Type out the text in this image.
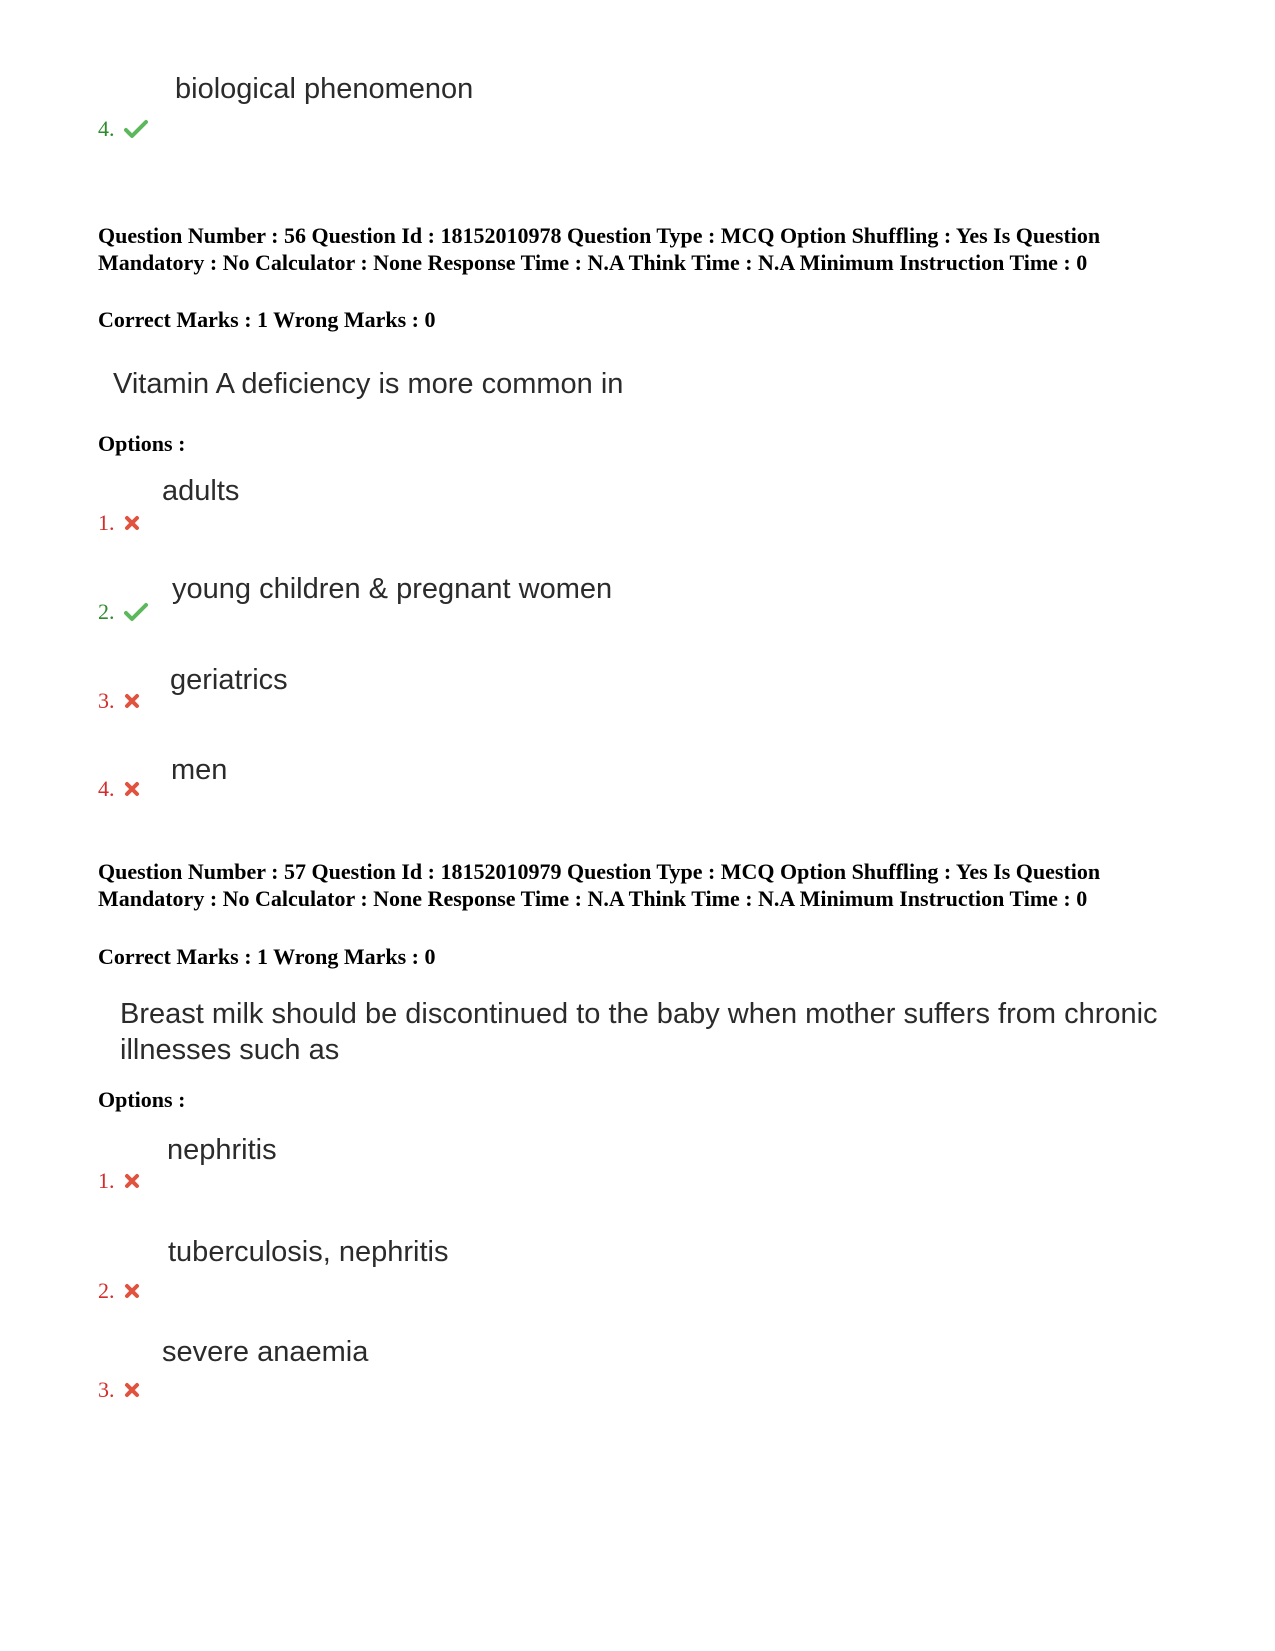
biological phenomenon
4.
Question Number : 56 Question Id : 18152010978 Question Type : MCQ Option Shuffling : Yes Is Question Mandatory : No Calculator : None Response Time : N.A Think Time : N.A Minimum Instruction Time : 0
Correct Marks : 1 Wrong Marks : 0
Vitamin A deficiency is more common in
Options :
adults
1.
young children & pregnant women
2.
geriatrics
3.
men
4.
Question Number : 57 Question Id : 18152010979 Question Type : MCQ Option Shuffling : Yes Is Question Mandatory : No Calculator : None Response Time : N.A Think Time : N.A Minimum Instruction Time : 0
Correct Marks : 1 Wrong Marks : 0
Breast milk should be discontinued to the baby when mother suffers from chronic illnesses such as
Options :
nephritis
1.
tuberculosis, nephritis
2.
severe anaemia
3.
